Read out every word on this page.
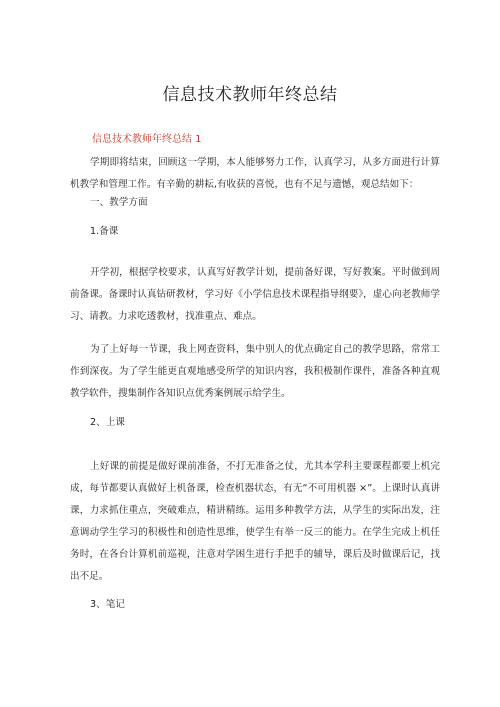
信息技术教师年终总结
信息技术教师年终总结 1
学期即将结束，回顾这一学期，本人能够努力工作，认真学习，从多方面进行计算机教学和管理工作。有辛勤的耕耘,有收获的喜悦，也有不足与遗憾，观总结如下：
一、教学方面
1.备课
开学初，根据学校要求，认真写好教学计划，提前备好课，写好教案。平时做到周前备课。备课时认真钻研教材，学习好《小学信息技术课程指导纲要》，虚心向老教师学习、请教。力求吃透教材，找准重点、难点。
为了上好每一节课，我上网查资料，集中别人的优点确定自己的教学思路，常常工作到深夜。为了学生能更直观地感受所学的知识内容，我积极制作课件，准备各种直观教学软件，搜集制作各知识点优秀案例展示给学生。
2、上课
上好课的前提是做好课前准备，不打无准备之仗，尤其本学科主要课程都要上机完成，每节都要认真做好上机备课，检查机器状态，有无“不可用机器 ×”。上课时认真讲课，力求抓住重点，突破难点，精讲精练。运用多种教学方法，从学生的实际出发，注意调动学生学习的积极性和创造性思维，使学生有举一反三的能力。在学生完成上机任务时，在各台计算机前巡视，注意对学困生进行手把手的辅导，课后及时做课后记，找出不足。
3、笔记
